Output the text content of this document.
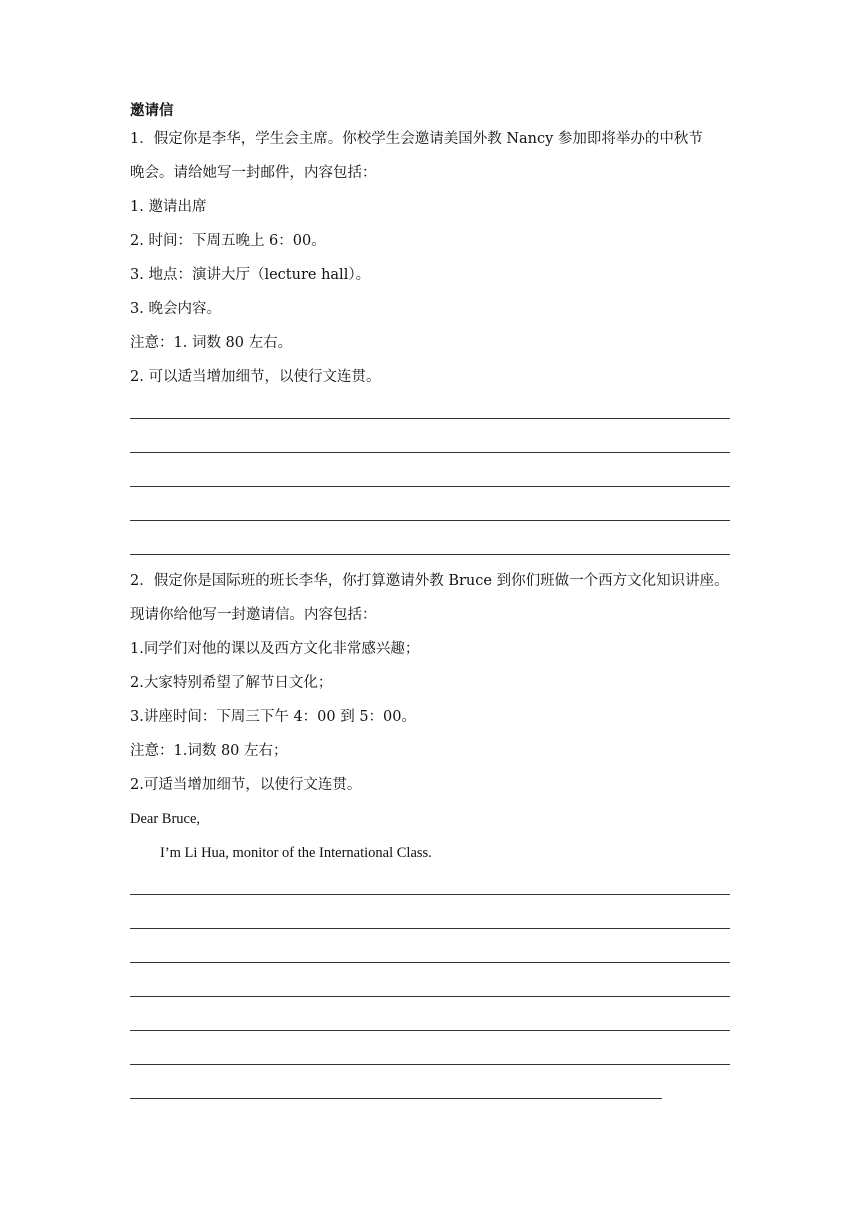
邀请信
1．假定你是李华，学生会主席。你校学生会邀请美国外教 Nancy 参加即将举办的中秋节
晚会。请给她写一封邮件，内容包括：
1. 邀请出席
2. 时间：下周五晚上 6：00。
3. 地点：演讲大厅（lecture hall）。
3. 晚会内容。
注意：1. 词数 80 左右。
2. 可以适当增加细节，以使行文连贯。
2．假定你是国际班的班长李华，你打算邀请外教 Bruce 到你们班做一个西方文化知识讲座。
现请你给他写一封邀请信。内容包括：
1.同学们对他的课以及西方文化非常感兴趣；
2.大家特别希望了解节日文化；
3.讲座时间：下周三下午 4：00 到 5：00。
注意：1.词数 80 左右；
2.可适当增加细节，以使行文连贯。
Dear Bruce,
I’m Li Hua, monitor of the International Class.
